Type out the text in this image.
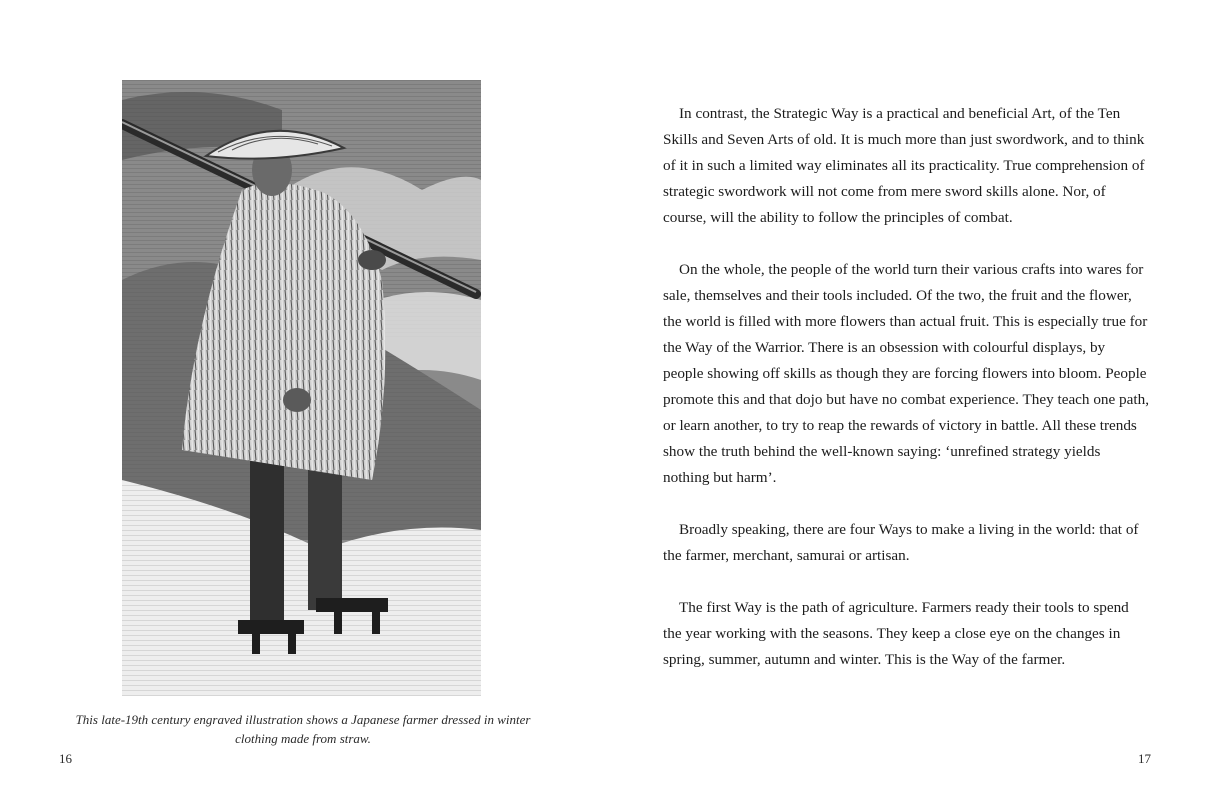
This late-19th century engraved illustration shows a Japanese farmer dressed in winter clothing made from straw.
16

In contrast, the Strategic Way is a practical and beneficial Art, of the Ten Skills and Seven Arts of old. It is much more than just swordwork, and to think of it in such a limited way eliminates all its practicality. True comprehension of strategic swordwork will not come from mere sword skills alone. Nor, of course, will the ability to follow the principles of combat.

On the whole, the people of the world turn their various crafts into wares for sale, themselves and their tools included. Of the two, the fruit and the flower, the world is filled with more flowers than actual fruit. This is especially true for the Way of the Warrior. There is an obsession with colourful displays, by people showing off skills as though they are forcing flowers into bloom. People promote this and that dojo but have no combat experience. They teach one path, or learn another, to try to reap the rewards of victory in battle. All these trends show the truth behind the well-known saying: ‘unrefined strategy yields nothing but harm’.

Broadly speaking, there are four Ways to make a living in the world: that of the farmer, merchant, samurai or artisan.

The first Way is the path of agriculture. Farmers ready their tools to spend the year working with the seasons. They keep a close eye on the changes in spring, summer, autumn and winter. This is the Way of the farmer.

17
